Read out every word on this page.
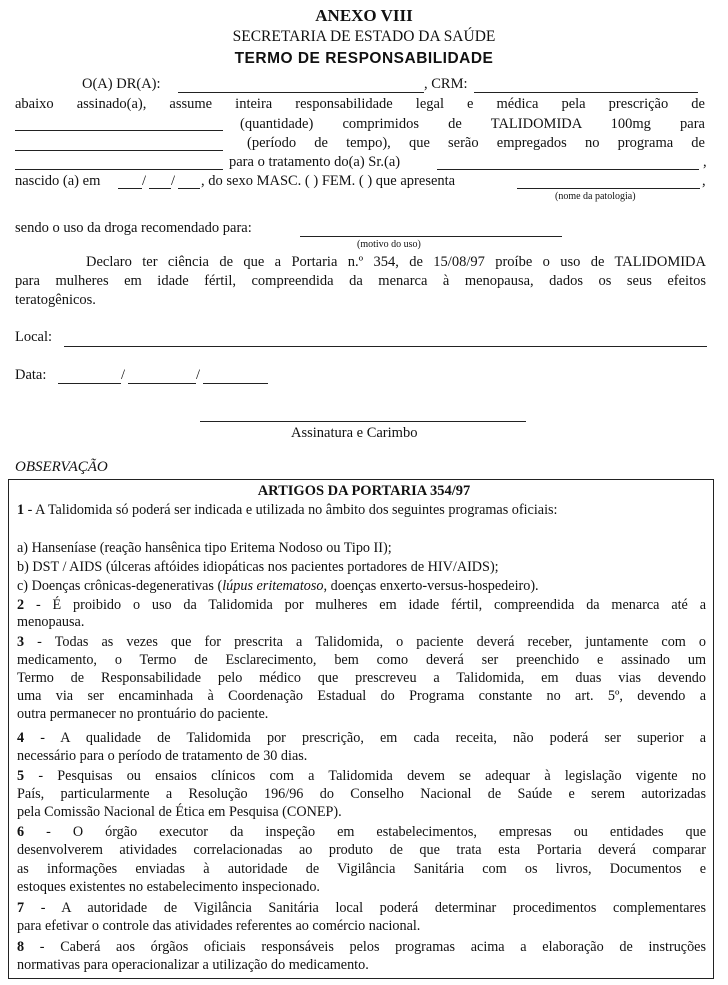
ANEXO VIII
SECRETARIA DE ESTADO DA SAÚDE
TERMO DE RESPONSABILIDADE
O(A) DR(A):	, CRM:
abaixo assinado(a), assume inteira responsabilidade legal e médica pela prescrição de
(quantidade) comprimidos de TALIDOMIDA 100mg para
(período de tempo), que serão empregados no programa de
para o tratamento do(a) Sr.(a)	,
nascido (a) em	/ / , do sexo MASC. ( ) FEM. ( ) que apresenta	,
(nome da patologia)
sendo o uso da droga recomendado para:
(motivo do uso)
Declaro ter ciência de que a Portaria n.º 354, de 15/08/97 proíbe o uso de TALIDOMIDA
para mulheres em idade fértil, compreendida da menarca à menopausa, dados os seus efeitos
teratogênicos.
Local:
Data:	/	/
Assinatura e Carimbo
OBSERVAÇÃO
ARTIGOS DA PORTARIA 354/97
1 - A Talidomida só poderá ser indicada e utilizada no âmbito dos seguintes programas oficiais:
a) Hanseníase (reação hansênica tipo Eritema Nodoso ou Tipo II);
b) DST / AIDS (úlceras aftóides idiopáticas nos pacientes portadores de HIV/AIDS);
c) Doenças crônicas-degenerativas (lúpus eritematoso, doenças enxerto-versus-hospedeiro).
2 - É proibido o uso da Talidomida por mulheres em idade fértil, compreendida da menarca até a
menopausa.
3 - Todas as vezes que for prescrita a Talidomida, o paciente deverá receber, juntamente com o
medicamento, o Termo de Esclarecimento, bem como deverá ser preenchido e assinado um
Termo de Responsabilidade pelo médico que prescreveu a Talidomida, em duas vias devendo
uma via ser encaminhada à Coordenação Estadual do Programa constante no art. 5º, devendo a
outra permanecer no prontuário do paciente.
4 - A qualidade de Talidomida por prescrição, em cada receita, não poderá ser superior a
necessário para o período de tratamento de 30 dias.
5 - Pesquisas ou ensaios clínicos com a Talidomida devem se adequar à legislação vigente no
País, particularmente a Resolução 196/96 do Conselho Nacional de Saúde e serem autorizadas
pela Comissão Nacional de Ética em Pesquisa (CONEP).
6 - O órgão executor da inspeção em estabelecimentos, empresas ou entidades que
desenvolverem atividades correlacionadas ao produto de que trata esta Portaria deverá comparar
as informações enviadas à autoridade de Vigilância Sanitária com os livros, Documentos e
estoques existentes no estabelecimento inspecionado.
7 - A autoridade de Vigilância Sanitária local poderá determinar procedimentos complementares
para efetivar o controle das atividades referentes ao comércio nacional.
8 - Caberá aos órgãos oficiais responsáveis pelos programas acima a elaboração de instruções
normativas para operacionalizar a utilização do medicamento.
